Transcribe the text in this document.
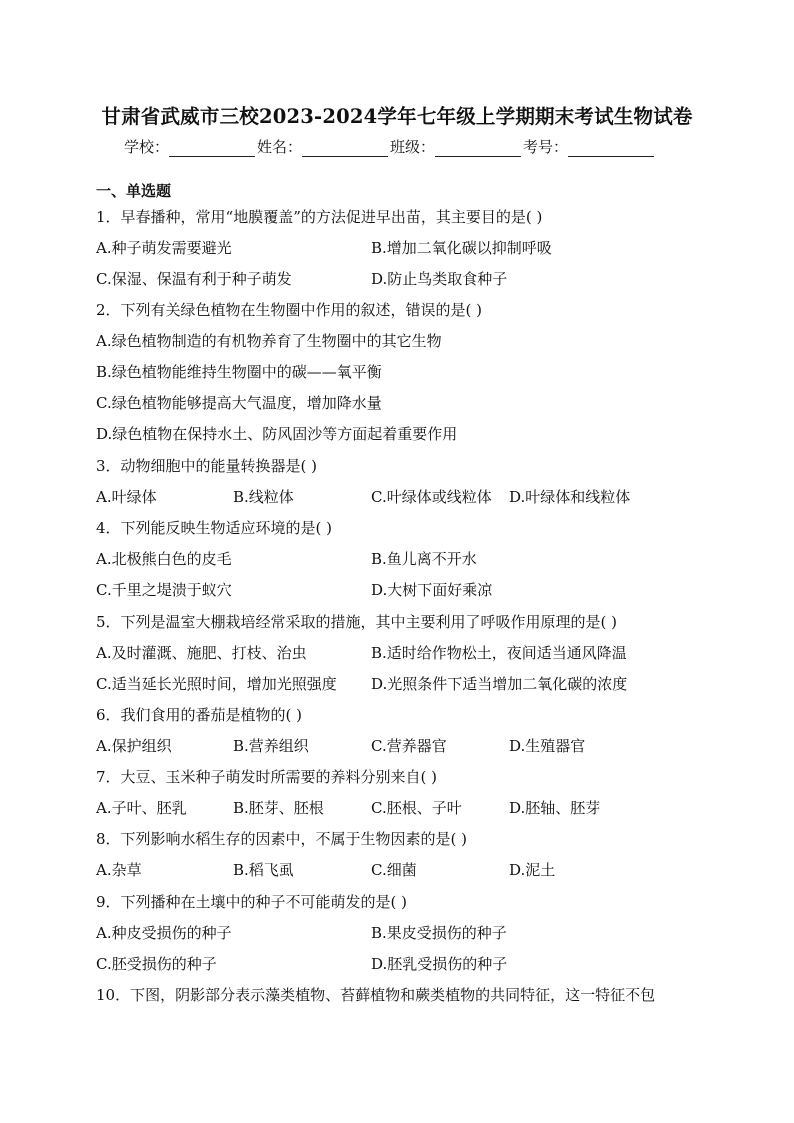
甘肃省武威市三校2023-2024学年七年级上学期期末考试生物试卷
学校：	姓名：	班级：	考号：
一、单选题
1．早春播种，常用“地膜覆盖”的方法促进早出苗，其主要目的是( )
A.种子萌发需要避光	B.增加二氧化碳以抑制呼吸
C.保湿、保温有利于种子萌发	D.防止鸟类取食种子
2．下列有关绿色植物在生物圈中作用的叙述，错误的是( )
A.绿色植物制造的有机物养育了生物圈中的其它生物
B.绿色植物能维持生物圈中的碳——氧平衡
C.绿色植物能够提高大气温度，增加降水量
D.绿色植物在保持水土、防风固沙等方面起着重要作用
3．动物细胞中的能量转换器是( )
A.叶绿体	B.线粒体	C.叶绿体或线粒体 D.叶绿体和线粒体
4．下列能反映生物适应环境的是( )
A.北极熊白色的皮毛	B.鱼儿离不开水
C.千里之堤溃于蚁穴	D.大树下面好乘凉
5．下列是温室大棚栽培经常采取的措施，其中主要利用了呼吸作用原理的是( )
A.及时灌溉、施肥、打枝、治虫	B.适时给作物松土，夜间适当通风降温
C.适当延长光照时间，增加光照强度 D.光照条件下适当增加二氧化碳的浓度
6．我们食用的番茄是植物的( )
A.保护组织	B.营养组织	C.营养器官	D.生殖器官
7．大豆、玉米种子萌发时所需要的养料分别来自( )
A.子叶、胚乳	B.胚芽、胚根	C.胚根、子叶	D.胚轴、胚芽
8．下列影响水稻生存的因素中，不属于生物因素的是( )
A.杂草	B.稻飞虱	C.细菌	D.泥土
9．下列播种在土壤中的种子不可能萌发的是( )
A.种皮受损伤的种子	B.果皮受损伤的种子
C.胚受损伤的种子	D.胚乳受损伤的种子
10．下图，阴影部分表示藻类植物、苔藓植物和蕨类植物的共同特征，这一特征不包
